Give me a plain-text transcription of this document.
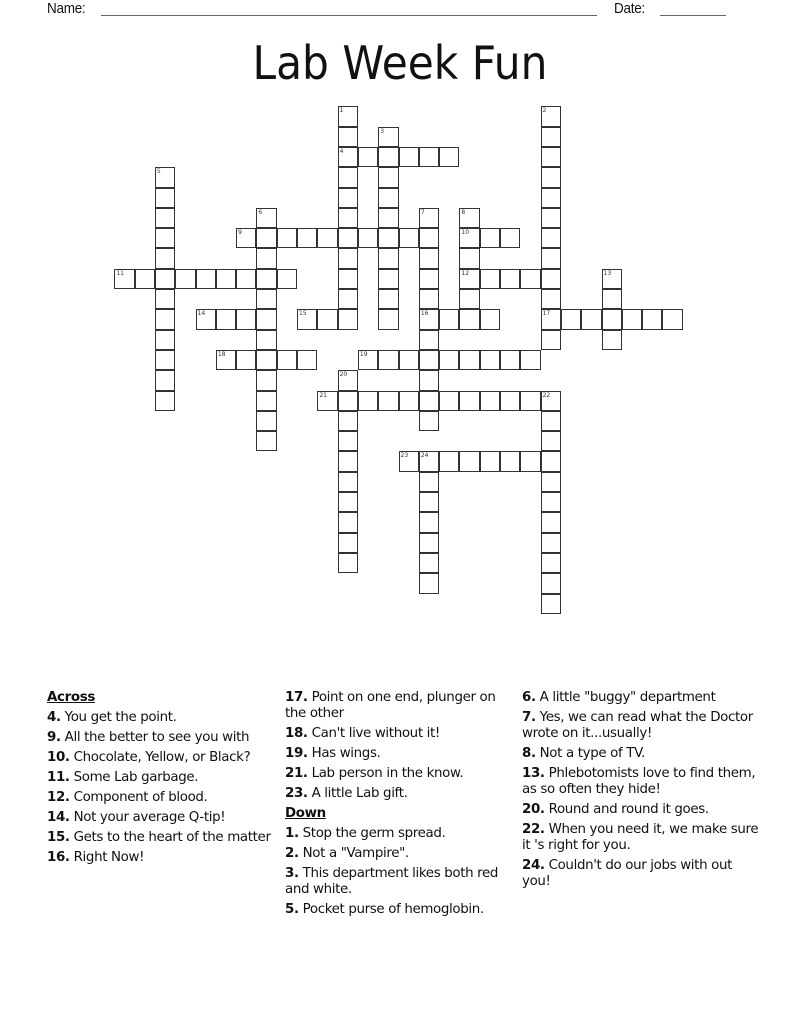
Name:	Date:
Lab Week Fun
1
4
2
17
3
5
6	7
16
8
10
12
9
11	13
14	15
18	19
20
21	22
23 24
Across
4. You get the point.
9. All the better to see you with
10. Chocolate, Yellow, or Black?
11. Some Lab garbage.
12. Component of blood.
14. Not your average Q-tip!
15. Gets to the heart of the matter
16. Right Now!
17. Point on one end, plunger on the other
18. Can't live without it!
19. Has wings.
21. Lab person in the know.
23. A little Lab gift.
Down
1. Stop the germ spread.
2. Not a "Vampire".
3. This department likes both red and white.
5. Pocket purse of hemoglobin.
6. A little "buggy" department
7. Yes, we can read what the Doctor wrote on it...usually!
8. Not a type of TV.
13. Phlebotomists love to find them, as so often they hide!
20. Round and round it goes.
22. When you need it, we make sure it 's right for you.
24. Couldn't do our jobs with out you!
